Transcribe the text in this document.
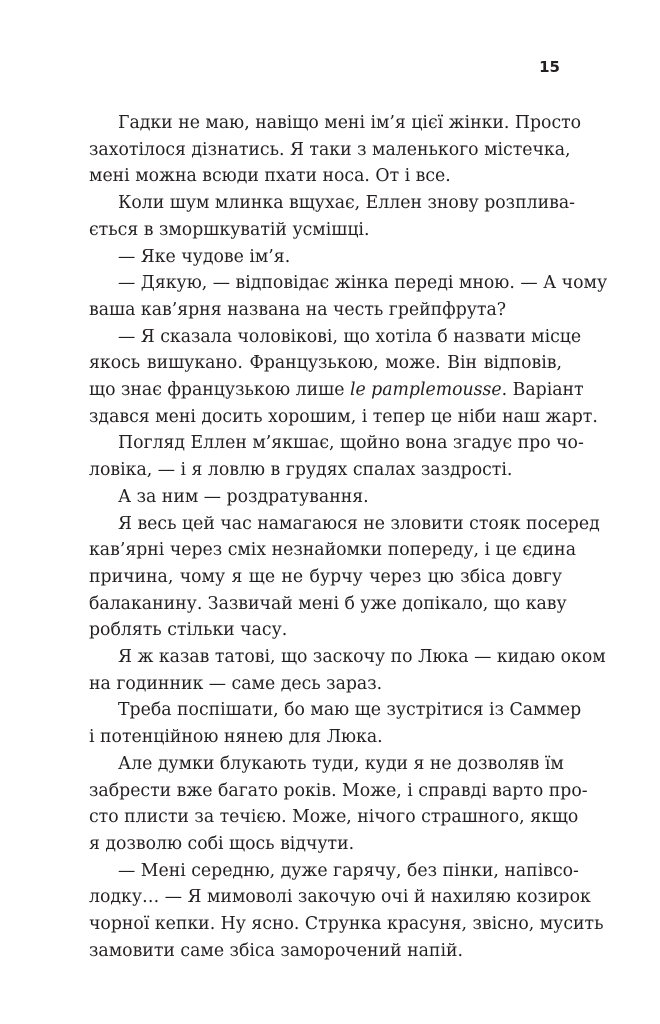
15

Гадки не маю, навіщо мені ім’я цієї жінки. Просто
захотілося дізнатись. Я таки з маленького містечка,
мені можна всюди пхати носа. От і все.

Коли шум млинка вщухає, Еллен знову розплива-
ється в зморшкуватій усмішці.

— Яке чудове ім’я.

— Дякую, — відповідає жінка переді мною. — А чому
ваша кав’ярня названа на честь грейпфрута?

— Я сказала чоловікові, що хотіла б назвати місце
якось вишукано. Французькою, може. Він відповів,
що знає французькою лише le pamplemousse. Варіант
здався мені досить хорошим, і тепер це ніби наш жарт.

Погляд Еллен м’якшає, щойно вона згадує про чо-
ловіка, — і я ловлю в грудях спалах заздрості.

А за ним — роздратування.

Я весь цей час намагаюся не зловити стояк посеред
кав’ярні через сміх незнайомки попереду, і це єдина
причина, чому я ще не бурчу через цю збіса довгу
балаканину. Зазвичай мені б уже допікало, що каву
роблять стільки часу.

Я ж казав татові, що заскочу по Люка — кидаю оком
на годинник — саме десь зараз.

Треба поспішати, бо маю ще зустрітися із Саммер
і потенційною нянею для Люка.

Але думки блукають туди, куди я не дозволяв їм
забрести вже багато років. Може, і справді варто про-
сто плисти за течією. Може, нічого страшного, якщо
я дозволю собі щось відчути.

— Мені середню, дуже гарячу, без пінки, напівсо-
лодку… — Я мимоволі закочую очі й нахиляю козирок
чорної кепки. Ну ясно. Струнка красуня, звісно, мусить
замовити саме збіса заморочений напій.
